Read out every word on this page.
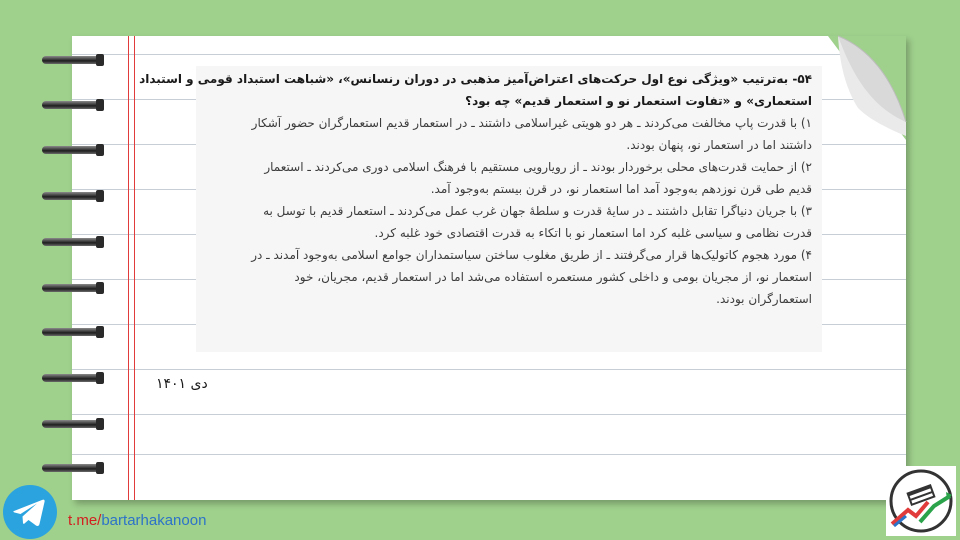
۵۴- به‌ترتیب «ویژگی نوع اول حرکت‌های اعتراض‌آمیز مذهبی در دوران رنسانس»، «شباهت استبداد قومی و استبداد
استعماری» و «تفاوت استعمار نو و استعمار قدیم» چه بود؟
۱) با قدرت پاپ مخالفت می‌کردند ـ هر دو هویتی غیراسلامی داشتند ـ در استعمار قدیم استعمارگران حضور آشکار
داشتند اما در استعمار نو، پنهان بودند.
۲) از حمایت قدرت‌های محلی برخوردار بودند ـ از رویارویی مستقیم با فرهنگ اسلامی دوری می‌کردند ـ استعمار
قدیم طی قرن نوزدهم به‌وجود آمد اما استعمار نو، در قرن بیستم به‌وجود آمد.
۳) با جریان دنیاگرا تقابل داشتند ـ در سایهٔ قدرت و سلطهٔ جهان غرب عمل می‌کردند ـ استعمار قدیم با توسل به
قدرت نظامی و سیاسی غلبه کرد اما استعمار نو با اتکاء به قدرت اقتصادی خود غلبه کرد.
۴) مورد هجوم کاتولیک‌ها قرار می‌گرفتند ـ از طریق مغلوب ساختن سیاستمداران جوامع اسلامی به‌وجود آمدند ـ در
استعمار نو، از مجریان بومی و داخلی کشور مستعمره استفاده می‌شد اما در استعمار قدیم، مجریان، خود
استعمارگران بودند.
دی ۱۴۰۱
t.me/bartarhakanoon
